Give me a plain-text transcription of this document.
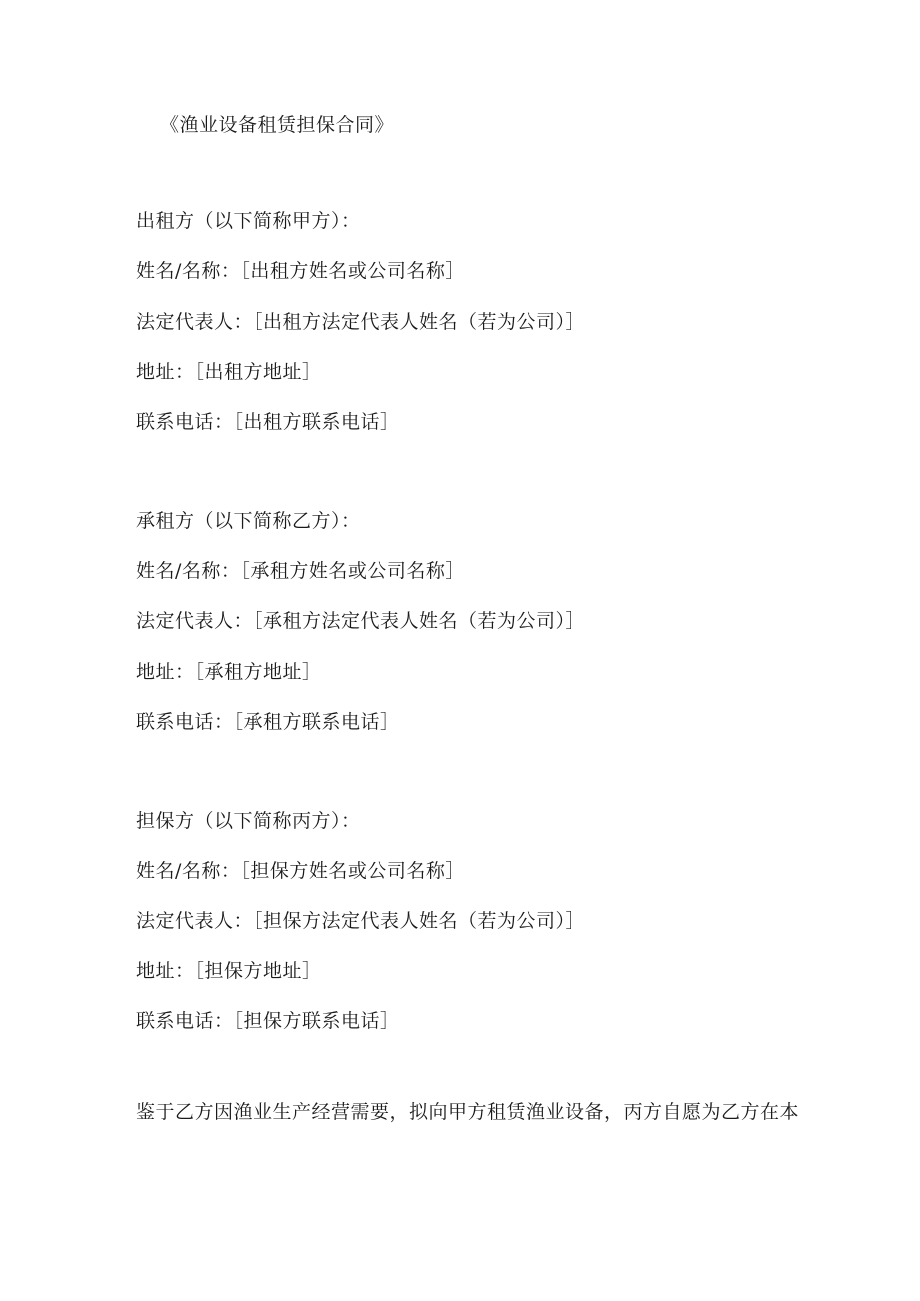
《渔业设备租赁担保合同》
出租方（以下简称甲方）：
姓名/名称：［出租方姓名或公司名称］
法定代表人：［出租方法定代表人姓名（若为公司）］
地址：［出租方地址］
联系电话：［出租方联系电话］
承租方（以下简称乙方）：
姓名/名称：［承租方姓名或公司名称］
法定代表人：［承租方法定代表人姓名（若为公司）］
地址：［承租方地址］
联系电话：［承租方联系电话］
担保方（以下简称丙方）：
姓名/名称：［担保方姓名或公司名称］
法定代表人：［担保方法定代表人姓名（若为公司）］
地址：［担保方地址］
联系电话：［担保方联系电话］
鉴于乙方因渔业生产经营需要，拟向甲方租赁渔业设备，丙方自愿为乙方在本
